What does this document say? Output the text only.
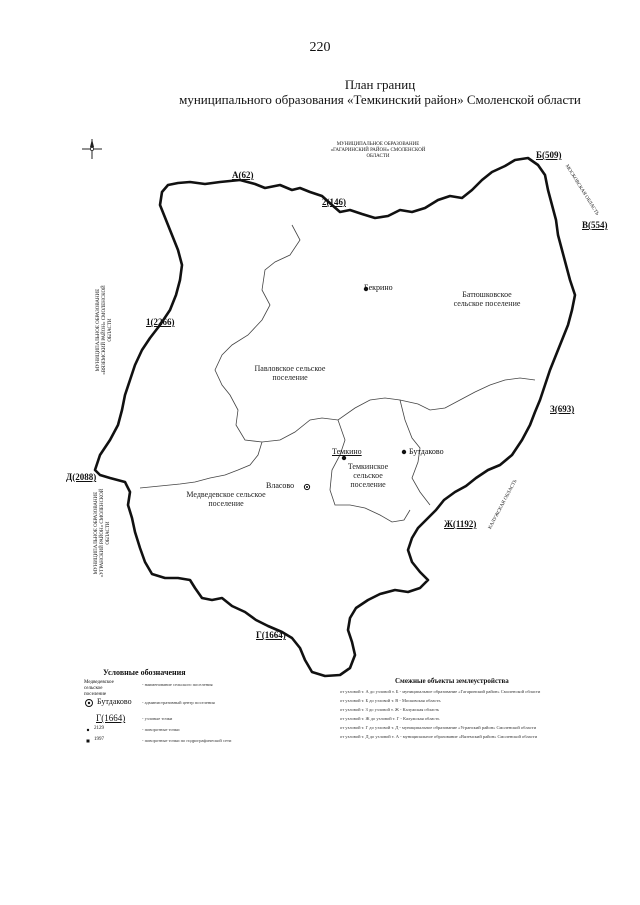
220
План границ
муниципального образования «Темкинский район» Смоленской области
Бекрино
Темкино	Бутдаково
Власово
Батюшковское сельское поселение
Павловское сельское поселение
Темкинское сельское поселение
Медведевское сельское поселение
МУНИЦИПАЛЬНОЕ ОБРАЗОВАНИЕ «ГАГАРИНСКИЙ РАЙОН» СМОЛЕНСКОЙ ОБЛАСТИ
МОСКОВСКАЯ ОБЛАСТЬ
КАЛУЖСКАЯ ОБЛАСТЬ
МУНИЦИПАЛЬНОЕ ОБРАЗОВАНИЕ «УГРАНСКИЙ РАЙОН» СМОЛЕНСКОЙ ОБЛАСТИ
МУНИЦИПАЛЬНОЕ ОБРАЗОВАНИЕ «ВЯЗЕМСКИЙ РАЙОН» СМОЛЕНСКОЙ ОБЛАСТИ
А(62)
Б(509)
В(554)
З(693)
Ж(1192)
Г(1664)
Д(2088)
1(2266)
2(146)
Условные обозначения
Медведевское сельское поселение
- наименование сельского поселения
Бутдаково - административный центр поселения
Г(1664)	- узловые точки
2129	- поворотные точки
1997	- поворотные точки по гидрографической сети
Смежные объекты землеустройства
от узловой т. А до узловой т. Б - муниципальное образование «Гагаринский район» Смоленской области
от узловой т. Б до узловой т. В - Московская область
от узловой т. З до узловой т. Ж - Калужская область
от узловой т. Ж до узловой т. Г - Калужская область
от узловой т. Г до узловой т. Д - муниципальное образование «Угранский район» Смоленской области
от узловой т. Д до узловой т. А - муниципальное образование «Вяземский район» Смоленской области
